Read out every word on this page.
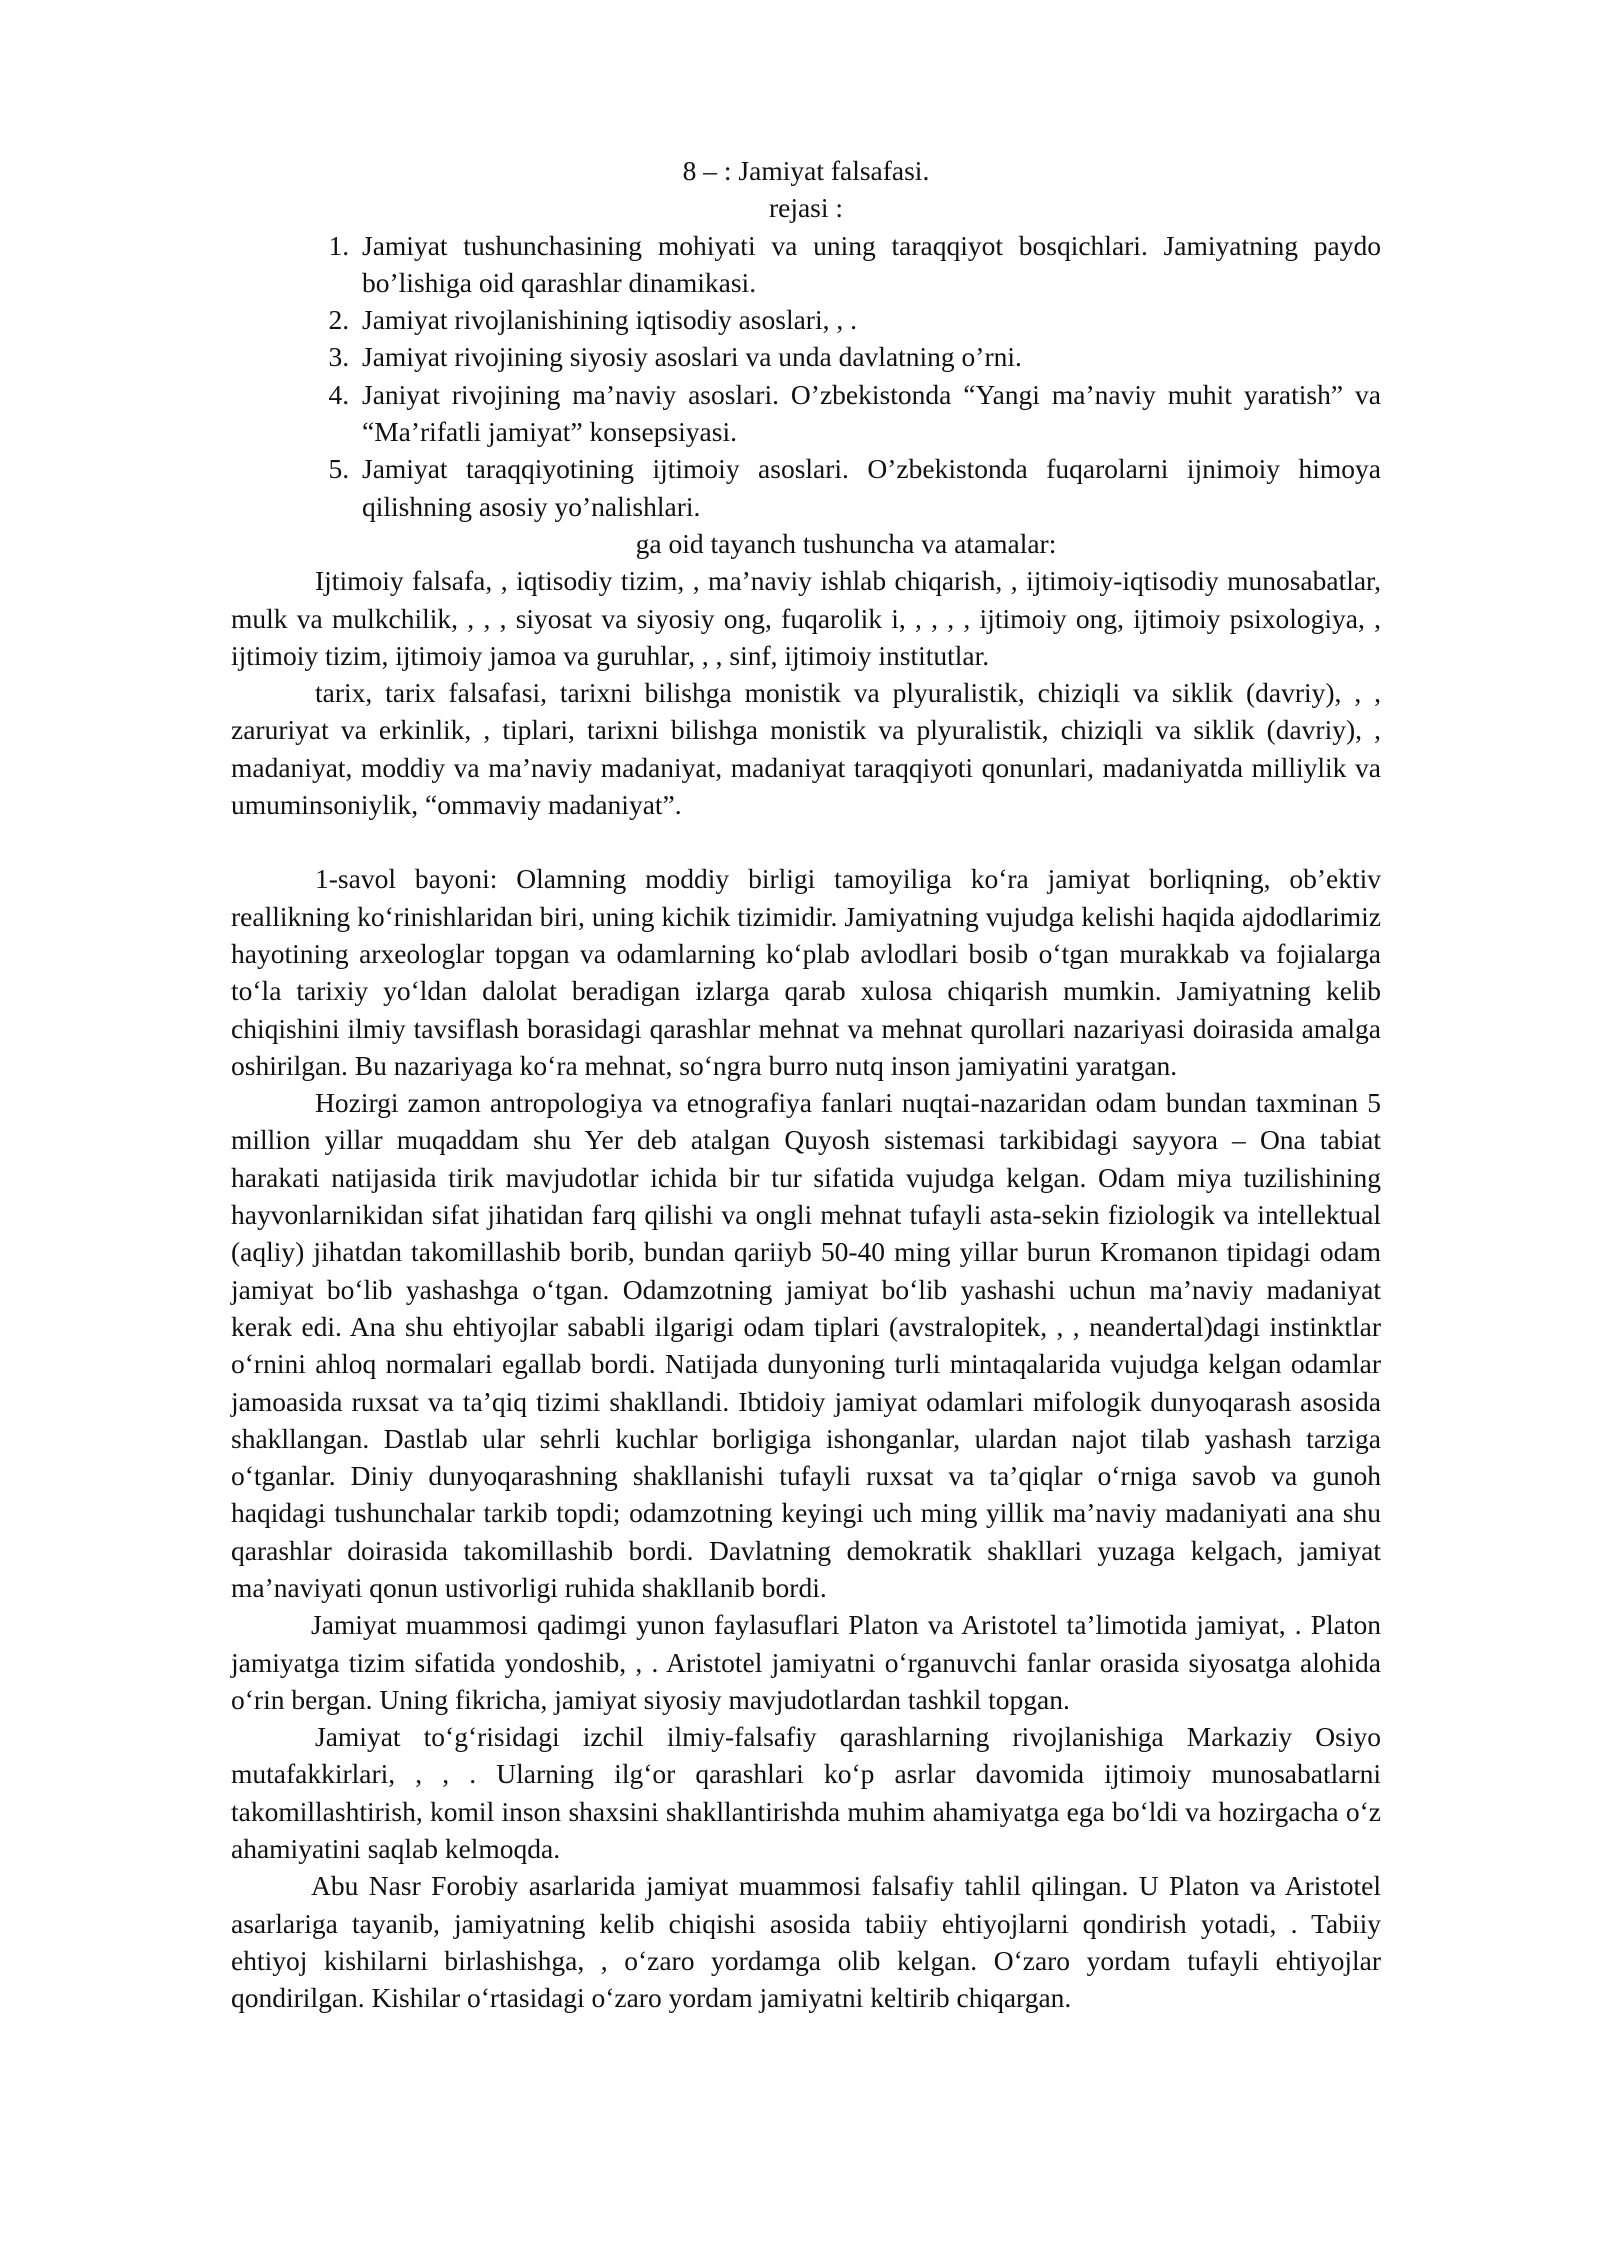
8 – : Jamiyat falsafasi.
rejasi :
1. Jamiyat tushunchasining mohiyati va uning taraqqiyot bosqichlari. Jamiyatning paydo bo’lishiga oid qarashlar dinamikasi.
2. Jamiyat rivojlanishining iqtisodiy asoslari, , .
3. Jamiyat rivojining siyosiy asoslari va unda davlatning o’rni.
4. Janiyat rivojining ma’naviy asoslari. O’zbekistonda “Yangi ma’naviy muhit yaratish” va “Ma’rifatli jamiyat” konsepsiyasi.
5. Jamiyat taraqqiyotining ijtimoiy asoslari. O’zbekistonda fuqarolarni ijnimoiy himoya qilishning asosiy yo’nalishlari.
ga oid tayanch tushuncha va atamalar:

Ijtimoiy falsafa, , iqtisodiy tizim, , ma’naviy ishlab chiqarish, , ijtimoiy-iqtisodiy munosabatlar, mulk va mulkchilik, , , , siyosat va siyosiy ong, fuqarolik i, , , , , ijtimoiy ong, ijtimoiy psixologiya, , ijtimoiy tizim, ijtimoiy jamoa va guruhlar, , , sinf, ijtimoiy institutlar.

tarix, tarix falsafasi, tarixni bilishga monistik va plyuralistik, chiziqli va siklik (davriy), , , zaruriyat va erkinlik, , tiplari, tarixni bilishga monistik va plyuralistik, chiziqli va siklik (davriy), , madaniyat, moddiy va ma’naviy madaniyat, madaniyat taraqqiyoti qonunlari, madaniyatda milliylik va umuminsoniylik, “ommaviy madaniyat”.

1-savol bayoni: Olamning moddiy birligi tamoyiliga ko‘ra jamiyat borliqning, ob’ektiv reallikning ko‘rinishlaridan biri, uning kichik tizimidir. Jamiyatning vujudga kelishi haqida ajdodlarimiz hayotining arxeologlar topgan va odamlarning ko‘plab avlodlari bosib o‘tgan murakkab va fojialarga to‘la tarixiy yo‘ldan dalolat beradigan izlarga qarab xulosa chiqarish mumkin. Jamiyatning kelib chiqishini ilmiy tavsiflash borasidagi qarashlar mehnat va mehnat qurollari nazariyasi doirasida amalga oshirilgan. Bu nazariyaga ko‘ra mehnat, so‘ngra burro nutq inson jamiyatini yaratgan.

Hozirgi zamon antropologiya va etnografiya fanlari nuqtai-nazaridan odam bundan taxminan 5 million yillar muqaddam shu Yer deb atalgan Quyosh sistemasi tarkibidagi sayyora – Ona tabiat harakati natijasida tirik mavjudotlar ichida bir tur sifatida vujudga kelgan. Odam miya tuzilishining hayvonlarnikidan sifat jihatidan farq qilishi va ongli mehnat tufayli asta-sekin fiziologik va intellektual (aqliy) jihatdan takomillashib borib, bundan qariiyb 50-40 ming yillar burun Kromanon tipidagi odam jamiyat bo‘lib yashashga o‘tgan. Odamzotning jamiyat bo‘lib yashashi uchun ma’naviy madaniyat kerak edi. Ana shu ehtiyojlar sababli ilgarigi odam tiplari (avstralopitek, , , neandertal)dagi instinktlar o‘rnini ahloq normalari egallab bordi. Natijada dunyoning turli mintaqalarida vujudga kelgan odamlar jamoasida ruxsat va ta’qiq tizimi shakllandi. Ibtidoiy jamiyat odamlari mifologik dunyoqarash asosida shakllangan. Dastlab ular sehrli kuchlar borligiga ishonganlar, ulardan najot tilab yashash tarziga o‘tganlar. Diniy dunyoqarashning shakllanishi tufayli ruxsat va ta’qiqlar o‘rniga savob va gunoh haqidagi tushunchalar tarkib topdi; odamzotning keyingi uch ming yillik ma’naviy madaniyati ana shu qarashlar doirasida takomillashib bordi. Davlatning demokratik shakllari yuzaga kelgach, jamiyat ma’naviyati qonun ustivorligi ruhida shakllanib bordi.

Jamiyat muammosi qadimgi yunon faylasuflari Platon va Aristotel ta’limotida jamiyat, . Platon jamiyatga tizim sifatida yondoshib, , . Aristotel jamiyatni o‘rganuvchi fanlar orasida siyosatga alohida o‘rin bergan. Uning fikricha, jamiyat siyosiy mavjudotlardan tashkil topgan.

Jamiyat to‘g‘risidagi izchil ilmiy-falsafiy qarashlarning rivojlanishiga Markaziy Osiyo mutafakkirlari, , , . Ularning ilg‘or qarashlari ko‘p asrlar davomida ijtimoiy munosabatlarni takomillashtirish, komil inson shaxsini shakllantirishda muhim ahamiyatga ega bo‘ldi va hozirgacha o‘z ahamiyatini saqlab kelmoqda.

Abu Nasr Forobiy asarlarida jamiyat muammosi falsafiy tahlil qilingan. U Platon va Aristotel asarlariga tayanib, jamiyatning kelib chiqishi asosida tabiiy ehtiyojlarni qondirish yotadi, . Tabiiy ehtiyoj kishilarni birlashishga, , o‘zaro yordamga olib kelgan. O‘zaro yordam tufayli ehtiyojlar qondirilgan. Kishilar o‘rtasidagi o‘zaro yordam jamiyatni keltirib chiqargan.
